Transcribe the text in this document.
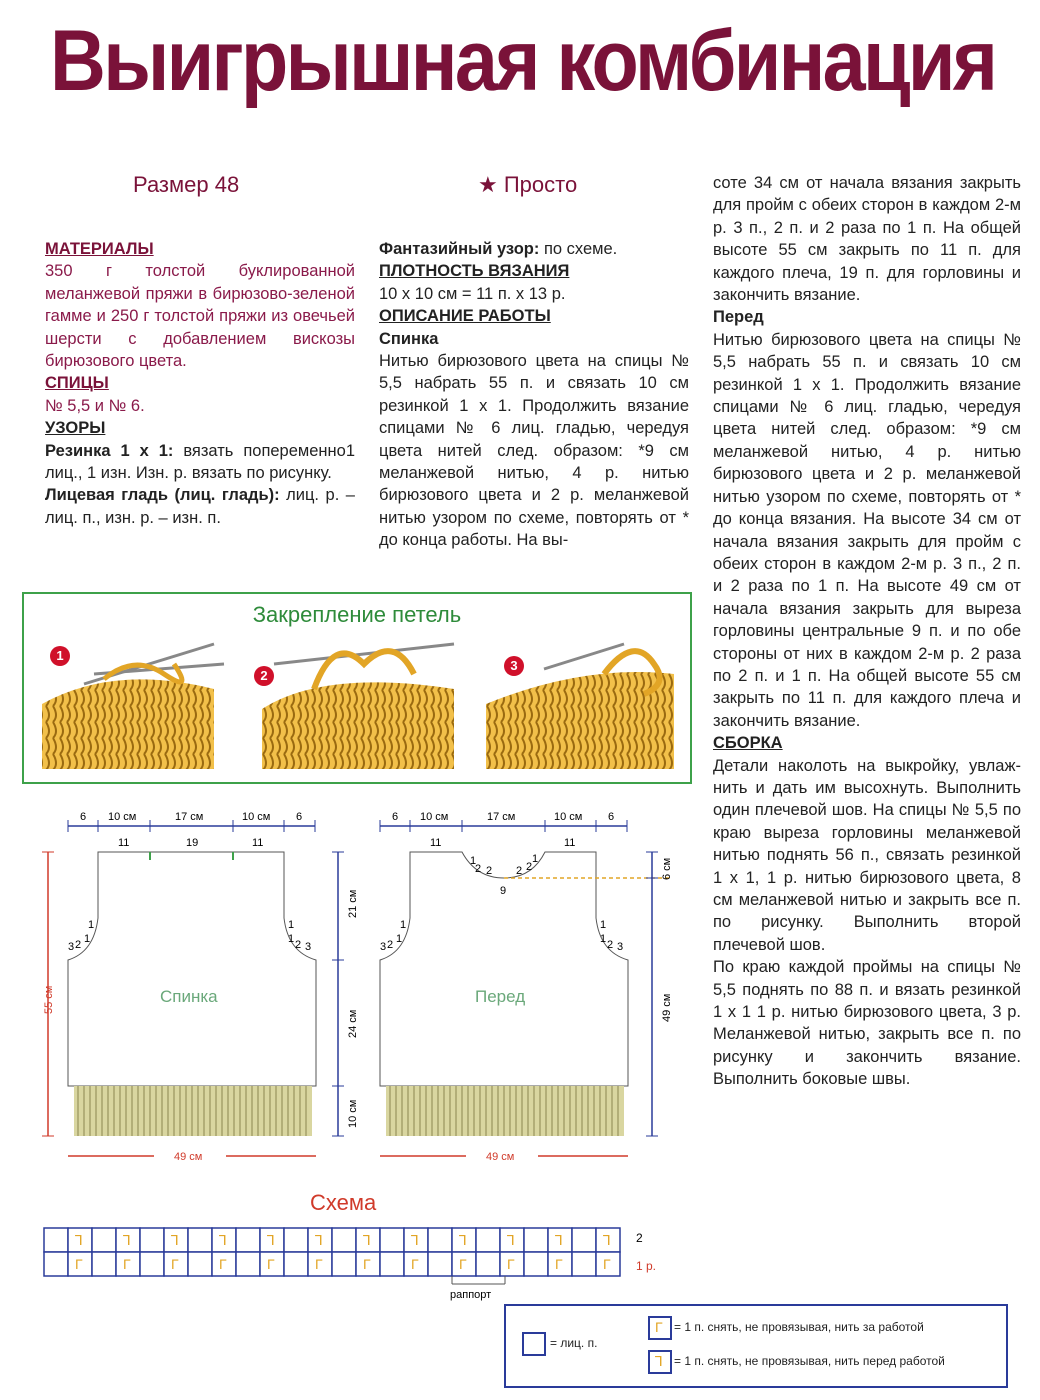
Выигрышная комбинация
Размер 48	★ Просто

МАТЕРИАЛЫ

350 г толстой буклированной меланжевой пряжи в бирюзово-зеленой гамме и 250 г толстой пряжи из овечьей шерсти с добавлением вискозы бирюзового цвета.

СПИЦЫ

№ 5,5 и № 6.

УЗОРЫ

Резинка 1 х 1: вязать попеременно1 лиц., 1 изн. Изн. р. вязать по рисунку.

Лицевая гладь (лиц. гладь): лиц. р. – лиц. п., изн. р. – изн. п.

Фантазийный узор: по схеме.

ПЛОТНОСТЬ ВЯЗАНИЯ

10 х 10 см = 11 п. х 13 р.

ОПИСАНИЕ РАБОТЫ

Спинка

Нитью бирюзового цвета на спицы № 5,5 набрать 55 п. и связать 10 см резинкой 1 х 1. Продолжить вязание спицами № 6 лиц. гладью, чередуя цвета нитей след. образом: *9 см меланжевой нитью, 4 р. нитью бирюзового цвета и 2 р. меланжевой нитью узором по схеме, повторять от * до конца работы. На вы-

соте 34 см от начала вязания закрыть для пройм с обеих сторон в каждом 2-м р. 3 п., 2 п. и 2 раза по 1 п. На общей высоте 55 см закрыть по 11 п. для каждого плеча, 19 п. для горловины и закончить вязание.

Перед

Нитью бирюзового цвета на спицы № 5,5 набрать 55 п. и связать 10 см резинкой 1 х 1. Продолжить вязание спицами № 6 лиц. гладью, чередуя цвета нитей след. образом: *9 см меланжевой нитью, 4 р. нитью бирюзового цвета и 2 р. меланжевой нитью узором по схеме, повторять от * до конца вязания. На высоте 34 см от начала вязания закрыть для пройм с обеих сторон в каждом 2-м р. 3 п., 2 п. и 2 раза по 1 п. На высоте 49 см от начала вязания закрыть для выреза горловины центральные 9 п. и по обе стороны от них в каждом 2-м р. 2 раза по 2 п. и 1 п. На общей высоте 55 см закрыть по 11 п. для каждого плеча и закончить вязание.

СБОРКА

Детали наколоть на выкройку, увлаж-нить и дать им высохнуть. Выполнить один плечевой шов. На спицы № 5,5 по краю выреза горловины меланжевой нитью поднять 56 п., связать резинкой 1 х 1, 1 р. нитью бирюзового цвета, 8 см меланжевой нитью и закрыть все п. по рисунку. Выполнить второй плечевой шов.

По краю каждой проймы на спицы № 5,5 поднять по 88 п. и вязать резинкой 1 х 1 1 р. нитью бирюзового цвета, 3 р. Меланжевой нитью, закрыть все п. по рисунку и закончить вязание. Выполнить боковые швы.

Закрепление петель
1
2
3
6 10 см	17 см	10 см 6
11	19	11
Спинка
3 2 1
1	1
1 2 3
55 см
21 см
24 см
10 см
49 см
6 10 см	17 см	10 см 6
11	11
1
2 2 2 2
1
9
Перед
3 2 1
1	1
1 2 3
6 см
49 см
49 см
Схема
ꓶ	ꓶ	ꓶ	ꓶ	ꓶ	ꓶ	ꓶ	ꓶ	ꓶ	ꓶ	ꓶ	ꓶ
Г	Г	Г	Г	Г	Г	Г	Г	Г	Г	Г	Г
2
1 р.
раппорт
= лиц. п.
Г = 1 п. снять, не провязывая, нить за работой
ꓶ = 1 п. снять, не провязывая, нить перед работой
